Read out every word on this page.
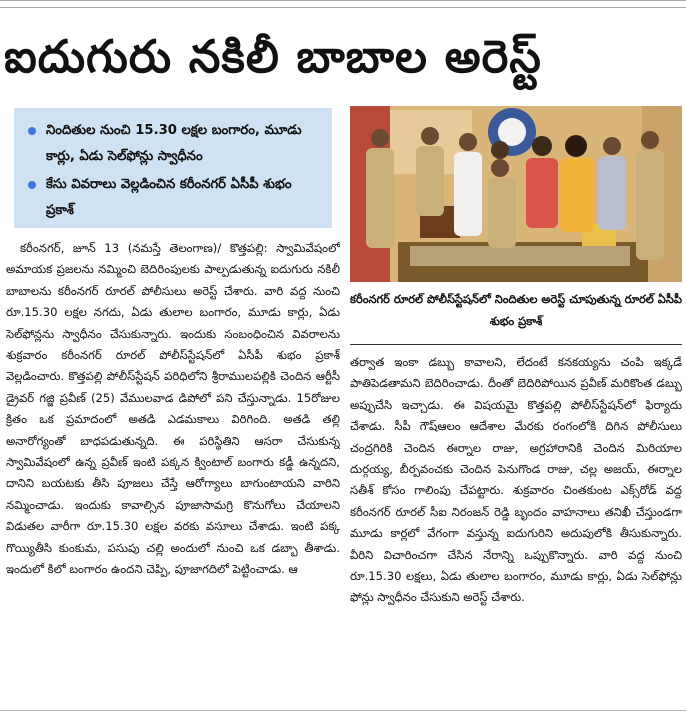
ఐదుగురు నకిలీ బాబాల అరెస్ట్
నిందితుల నుంచి 15.30 లక్షల బంగారం, మూడు కార్లు, ఏడు సెల్‌ఫోన్లు స్వాధీనం
కేసు వివరాలు వెల్లడించిన కరీంనగర్ ఏసీపీ శుభం ప్రకాశ్

కరీంనగర్, జూన్ 13 (నమస్తే తెలంగాణ)/ కొత్తపల్లి: స్వామివేషంలో అమాయక ప్రజలను నమ్మించి బెదిరింపులకు పాల్పడుతున్న ఐదుగురు నకిలీ బాబాలను కరీంనగర్ రూరల్ పోలీసులు అరెస్ట్ చేశారు. వారి వద్ద నుంచి రూ.15.30 లక్షల నగదు, ఏడు తులాల బంగారం, మూడు కార్లు, ఏడు సెల్‌ఫోన్లను స్వాధీనం చేసుకున్నారు. ఇందుకు సంబంధించిన వివరాలను శుక్రవారం కరీంనగర్ రూరల్ పోలీస్‌స్టేషన్‌లో ఏసీపీ శుభం ప్రకాశ్ వెల్లడించారు. కొత్తపల్లి పోలీస్‌స్టేషన్ పరిధిలోని శ్రీరాములపల్లికి చెందిన ఆర్టీసీ డ్రైవర్ గజ్జి ప్రవీణ్ (25) వేములవాడ డిపోలో పని చేస్తున్నాడు. 15రోజుల క్రితం ఒక ప్రమాదంలో అతడి ఎడమకాలు విరిగింది. అతడి తల్లి అనారోగ్యంతో బాధపడుతున్నది. ఈ పరిస్థితిని ఆసరా చేసుకున్న స్వామివేషంలో ఉన్న ప్రవీణ్ ఇంటి పక్కన క్వింటాల్ బంగారు కడ్డీ ఉన్నదని, దానిని బయటకు తీసి పూజలు చేస్తే ఆరోగ్యాలు బాగుంటాయని వారిని నమ్మించాడు. ఇందుకు కావాల్సిన పూజాసామగ్రి కొనుగోలు చేయాలని విడుతల వారీగా రూ.15.30 లక్షల వరకు వసూలు చేశాడు. ఇంటి పక్క గొయ్యితీసి కుంకుమ, పసుపు చల్లి అందులో నుంచి ఒక డబ్బా తీశాడు. ఇందులో కిలో బంగారం ఉందని చెప్పి, పూజాగదిలో పెట్టించాడు. ఆ

కరీంనగర్ రూరల్ పోలీస్‌స్టేషన్‌లో నిందితుల అరెస్ట్ చూపుతున్న రూరల్ ఏసీపీ శుభం ప్రకాశ్

తర్వాత ఇంకా డబ్బు కావాలని, లేదంటే కనకయ్యను చంపి ఇక్కడే పాతిపెడతామని బెదిరించాడు. దీంతో బెదిరిపోయిన ప్రవీణ్ మరికొంత డబ్బు అప్పుచేసి ఇచ్చాడు. ఈ విషయమై కొత్తపల్లి పోలీస్‌స్టేషన్‌లో ఫిర్యాదు చేశాడు. సీపీ గౌష్‌ఆలం ఆదేశాల మేరకు రంగంలోకి దిగిన పోలీసులు చంద్రగిరికి చెందిన ఈర్నాల రాజు, అగ్రహారానికి చెందిన మిరియాల దుర్గయ్య, బీర్పవంచకు చెందిన పెనుగొండ రాజు, చల్ల అజయ్, ఈర్నాల సతీశ్ కోసం గాలింపు చేపట్టారు. శుక్రవారం చింతకుంట ఎక్స్‌రోడ్ వద్ద కరీంనగర్ రూరల్ సీఐ నిరంజన్ రెడ్డి బృందం వాహనాలు తనిఖీ చేస్తుండగా మూడు కార్లలో వేగంగా వస్తున్న ఐదుగురిని అదుపులోకి తీసుకున్నారు. వీరిని విచారించగా చేసిన నేరాన్ని ఒప్పుకొన్నారు. వారి వద్ద నుంచి రూ.15.30 లక్షలు, ఏడు తులాల బంగారం, మూడు కార్లు, ఏడు సెల్‌ఫోన్లు ఫోన్లు స్వాధీనం చేసుకుని అరెస్ట్ చేశారు.
